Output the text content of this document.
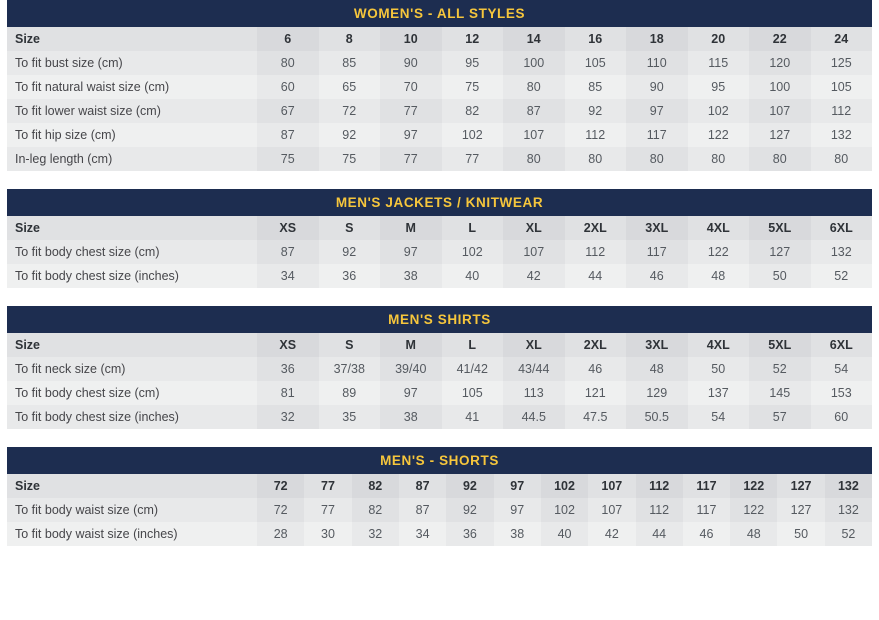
WOMEN'S - ALL STYLES
Size	6	8	10	12	14	16	18	20	22	24
To fit bust size (cm)	80	85	90	95	100	105	110	115	120	125
To fit natural waist size (cm)	60	65	70	75	80	85	90	95	100	105
To fit lower waist size (cm)	67	72	77	82	87	92	97	102	107	112
To fit hip size (cm)	87	92	97	102	107	112	117	122	127	132
In-leg length (cm)	75	75	77	77	80	80	80	80	80	80
MEN'S JACKETS / KNITWEAR
Size	XS	S	M	L	XL	2XL	3XL	4XL	5XL	6XL
To fit body chest size (cm)	87	92	97	102	107	112	117	122	127	132
To fit body chest size (inches)	34	36	38	40	42	44	46	48	50	52
MEN'S SHIRTS
Size	XS	S	M	L	XL	2XL	3XL	4XL	5XL	6XL
To fit neck size (cm)	36	37/38	39/40	41/42	43/44	46	48	50	52	54
To fit body chest size (cm)	81	89	97	105	113	121	129	137	145	153
To fit body chest size (inches)	32	35	38	41	44.5	47.5	50.5	54	57	60
MEN'S - SHORTS
Size	72	77	82	87	92	97	102	107	112	117	122	127	132
To fit body waist size (cm)	72	77	82	87	92	97	102	107	112	117	122	127	132
To fit body waist size (inches)	28	30	32	34	36	38	40	42	44	46	48	50	52
